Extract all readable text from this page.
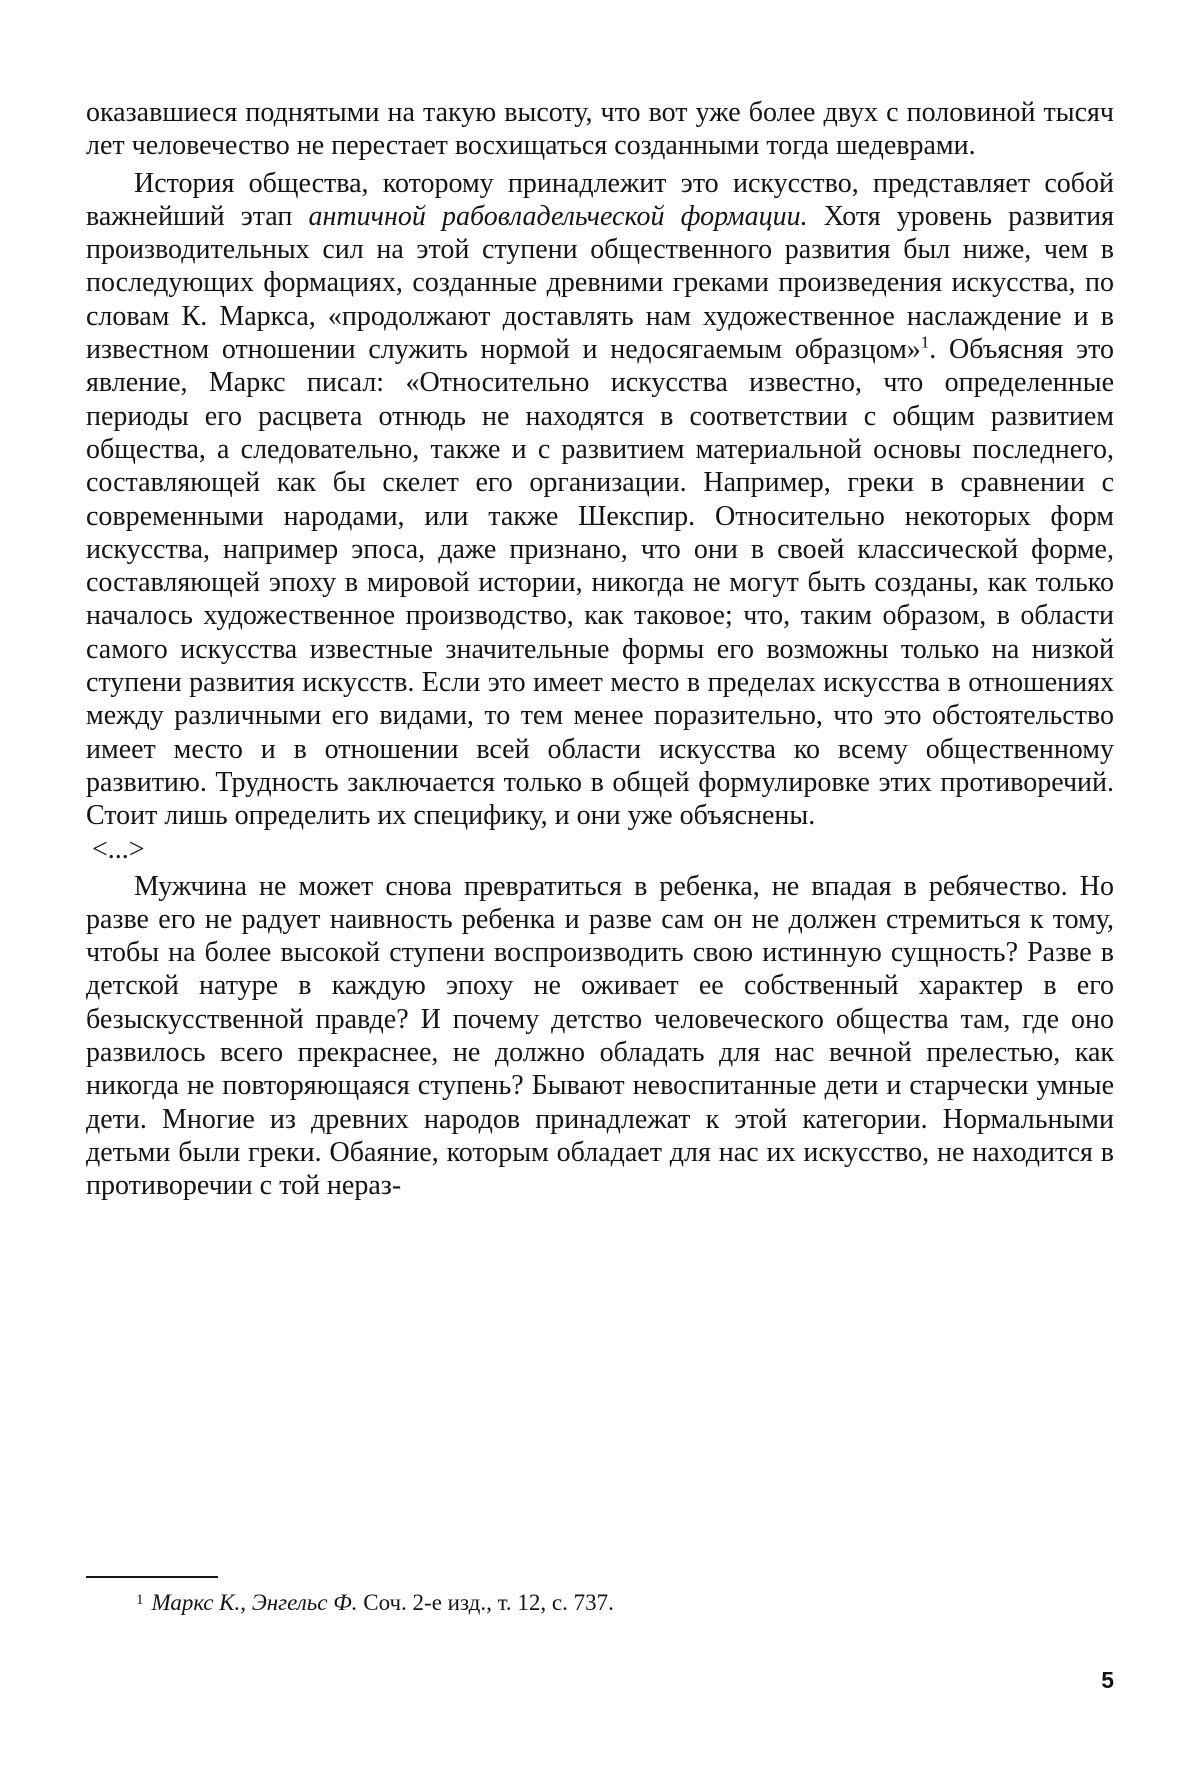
оказавшиеся поднятыми на такую высоту, что вот уже более двух с половиной тысяч лет человечество не перестает восхищаться созданными тогда шедеврами.

История общества, которому принадлежит это искусство, представляет собой важнейший этап античной рабовладельческой формации. Хотя уровень развития производительных сил на этой ступени общественного развития был ниже, чем в последующих формациях, созданные древними греками произведения искусства, по словам К. Маркса, «продолжают доставлять нам художественное наслаждение и в известном отношении служить нормой и недосягаемым образцом»$^1$. Объясняя это явление, Маркс писал: «Относительно искусства известно, что определенные периоды его расцвета отнюдь не находятся в соответствии с общим развитием общества, а следовательно, также и с развитием материальной основы последнего, составляющей как бы скелет его организации. Например, греки в сравнении с современными народами, или также Шекспир. Относительно некоторых форм искусства, например эпоса, даже признано, что они в своей классической форме, составляющей эпоху в мировой истории, никогда не могут быть созданы, как только началось художественное производство, как таковое; что, таким образом, в области самого искусства известные значительные формы его возможны только на низкой ступени развития искусств. Если это имеет место в пределах искусства в отношениях между различными его видами, то тем менее поразительно, что это обстоятельство имеет место и в отношении всей области искусства ко всему общественному развитию. Трудность заключается только в общей формулировке этих противоречий. Стоит лишь определить их специфику, и они уже объяснены.

<...>

Мужчина не может снова превратиться в ребенка, не впадая в ребячество. Но разве его не радует наивность ребенка и разве сам он не должен стремиться к тому, чтобы на более высокой ступени воспроизводить свою истинную сущность? Разве в детской натуре в каждую эпоху не оживает ее собственный характер в его безыскусственной правде? И почему детство человеческого общества там, где оно развилось всего прекраснее, не должно обладать для нас вечной прелестью, как никогда не повторяющаяся ступень? Бывают невоспитанные дети и старчески умные дети. Многие из древних народов принадлежат к этой категории. Нормальными детьми были греки. Обаяние, которым обладает для нас их искусство, не находится в противоречии с той нераз-

$^1$ Маркс К., Энгельс Ф. Соч. 2-е изд., т. 12, с. 737.
5
